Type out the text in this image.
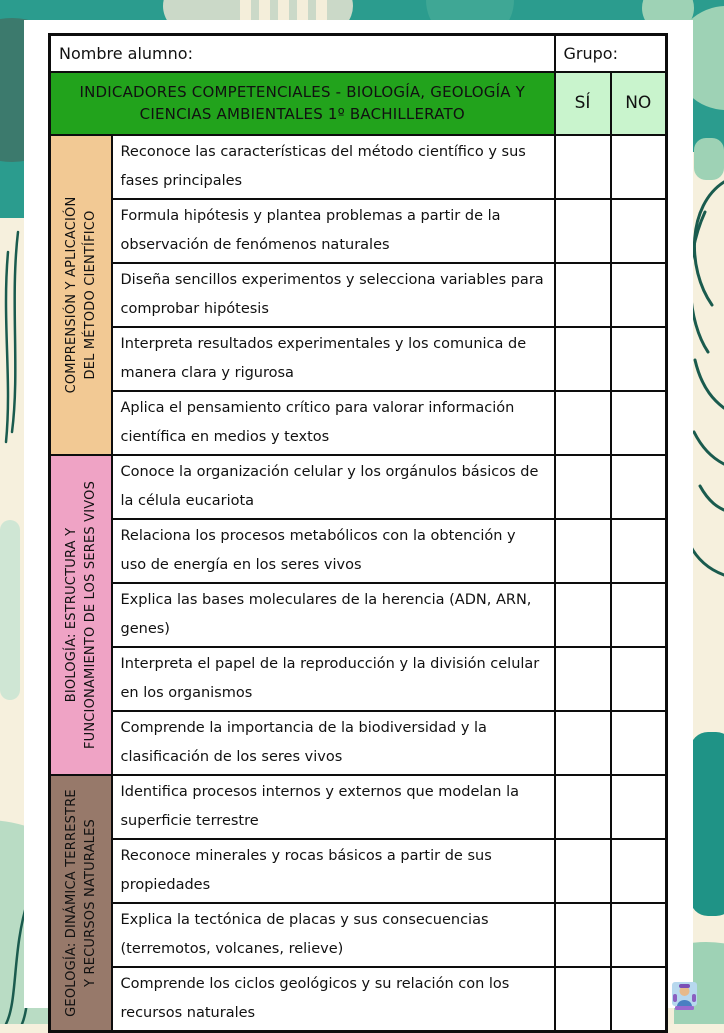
Nombre alumno:		Grupo:	
INDICADORES COMPETENCIALES - BIOLOGÍA, GEOLOGÍA Y CIENCIAS AMBIENTALES 1º BACHILLERATO		SÍ	NO

COMPRENSIÓN Y APLICACIÓN DEL MÉTODO CIENTÍFICO	Reconoce las características del método científico y sus fases principales		
	Formula hipótesis y plantea problemas a partir de la observación de fenómenos naturales		
	Diseña sencillos experimentos y selecciona variables para comprobar hipótesis		
	Interpreta resultados experimentales y los comunica de manera clara y rigurosa		
	Aplica el pensamiento crítico para valorar información científica en medios y textos		

BIOLOGÍA: ESTRUCTURA Y FUNCIONAMIENTO DE LOS SERES VIVOS	Conoce la organización celular y los orgánulos básicos de la célula eucariota		
	Relaciona los procesos metabólicos con la obtención y uso de energía en los seres vivos		
	Explica las bases moleculares de la herencia (ADN, ARN, genes)		
	Interpreta el papel de la reproducción y la división celular en los organismos		
	Comprende la importancia de la biodiversidad y la clasificación de los seres vivos		

GEOLOGÍA: DINÁMICA TERRESTRE Y RECURSOS NATURALES	Identifica procesos internos y externos que modelan la superficie terrestre		
	Reconoce minerales y rocas básicos a partir de sus propiedades		
	Explica la tectónica de placas y sus consecuencias (terremotos, volcanes, relieve)		
	Comprende los ciclos geológicos y su relación con los recursos naturales		
